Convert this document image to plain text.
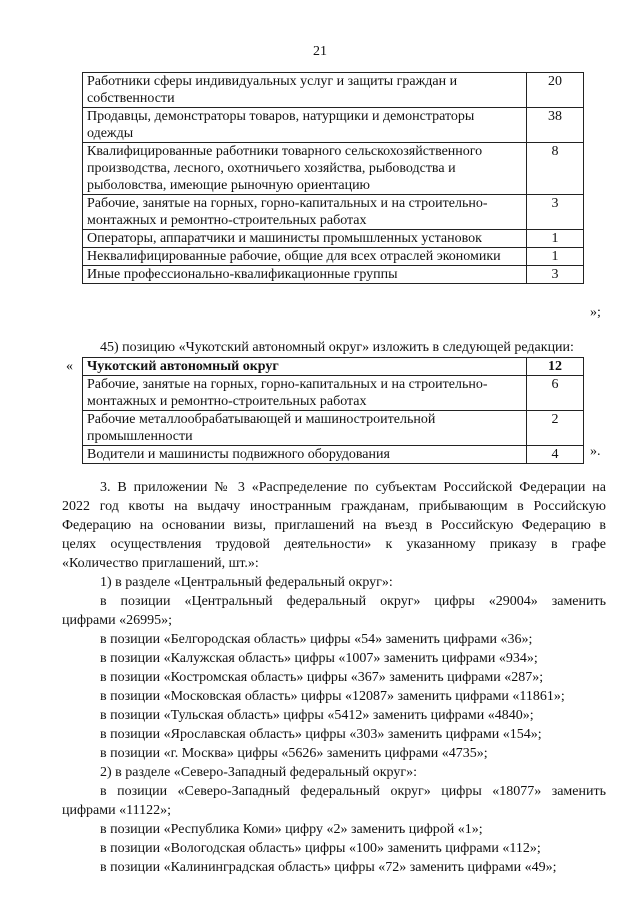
21
Работники сферы индивидуальных услуг и защиты граждан и собственности	20
Продавцы, демонстраторы товаров, натурщики и демонстраторы одежды	38
Квалифицированные работники товарного сельскохозяйственного производства, лесного, охотничьего хозяйства, рыбоводства и рыболовства, имеющие рыночную ориентацию	8
Рабочие, занятые на горных, горно-капитальных и на строительно-монтажных и ремонтно-строительных работах	3
Операторы, аппаратчики и машинисты промышленных установок	1
Неквалифицированные рабочие, общие для всех отраслей экономики	1
Иные профессионально-квалификационные группы	3
»;
45) позицию «Чукотский автономный округ» изложить в следующей редакции:
« Чукотский автономный округ	12
Рабочие, занятые на горных, горно-капитальных и на строительно-монтажных и ремонтно-строительных работах	6
Рабочие металлообрабатывающей и машиностроительной промышленности	2
Водители и машинисты подвижного оборудования	4 ».
3. В приложении № 3 «Распределение по субъектам Российской Федерации на
2022 год квоты на выдачу иностранным гражданам, прибывающим в Российскую
Федерацию на основании визы, приглашений на въезд в Российскую Федерацию в
целях осуществления трудовой деятельности» к указанному приказу в графе
«Количество приглашений, шт.»:
1) в разделе «Центральный федеральный округ»:
в позиции «Центральный федеральный округ» цифры «29004» заменить
цифрами «26995»;
в позиции «Белгородская область» цифры «54» заменить цифрами «36»;
в позиции «Калужская область» цифры «1007» заменить цифрами «934»;
в позиции «Костромская область» цифры «367» заменить цифрами «287»;
в позиции «Московская область» цифры «12087» заменить цифрами «11861»;
в позиции «Тульская область» цифры «5412» заменить цифрами «4840»;
в позиции «Ярославская область» цифры «303» заменить цифрами «154»;
в позиции «г. Москва» цифры «5626» заменить цифрами «4735»;
2) в разделе «Северо-Западный федеральный округ»:
в позиции «Северо-Западный федеральный округ» цифры «18077» заменить
цифрами «11122»;
в позиции «Республика Коми» цифру «2» заменить цифрой «1»;
в позиции «Вологодская область» цифры «100» заменить цифрами «112»;
в позиции «Калининградская область» цифры «72» заменить цифрами «49»;
